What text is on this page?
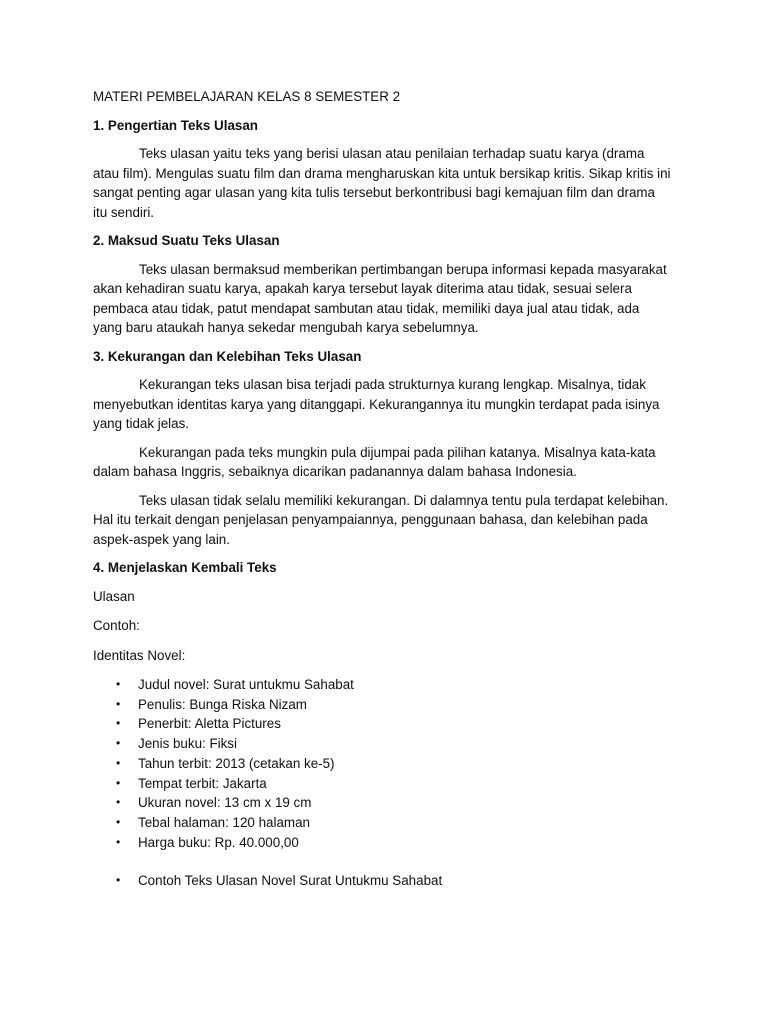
MATERI PEMBELAJARAN KELAS 8 SEMESTER 2

1. Pengertian Teks Ulasan

Teks ulasan yaitu teks yang berisi ulasan atau penilaian terhadap suatu karya (drama atau film). Mengulas suatu film dan drama mengharuskan kita untuk bersikap kritis. Sikap kritis ini sangat penting agar ulasan yang kita tulis tersebut berkontribusi bagi kemajuan film dan drama itu sendiri.

2. Maksud Suatu Teks Ulasan

Teks ulasan bermaksud memberikan pertimbangan berupa informasi kepada masyarakat akan kehadiran suatu karya, apakah karya tersebut layak diterima atau tidak, sesuai selera pembaca atau tidak, patut mendapat sambutan atau tidak, memiliki daya jual atau tidak, ada yang baru ataukah hanya sekedar mengubah karya sebelumnya.

3. Kekurangan dan Kelebihan Teks Ulasan

Kekurangan teks ulasan bisa terjadi pada strukturnya kurang lengkap. Misalnya, tidak menyebutkan identitas karya yang ditanggapi. Kekurangannya itu mungkin terdapat pada isinya yang tidak jelas.

Kekurangan pada teks mungkin pula dijumpai pada pilihan katanya. Misalnya kata-kata dalam bahasa Inggris, sebaiknya dicarikan padanannya dalam bahasa Indonesia.

Teks ulasan tidak selalu memiliki kekurangan. Di dalamnya tentu pula terdapat kelebihan. Hal itu terkait dengan penjelasan penyampaiannya, penggunaan bahasa, dan kelebihan pada aspek-aspek yang lain.

4. Menjelaskan Kembali Teks

Ulasan

Contoh:

Identitas Novel:

• Judul novel: Surat untukmu Sahabat
• Penulis: Bunga Riska Nizam
• Penerbit: Aletta Pictures
• Jenis buku: Fiksi
• Tahun terbit: 2013 (cetakan ke-5)
• Tempat terbit: Jakarta
• Ukuran novel: 13 cm x 19 cm
• Tebal halaman: 120 halaman
• Harga buku: Rp. 40.000,00
• Contoh Teks Ulasan Novel Surat Untukmu Sahabat
